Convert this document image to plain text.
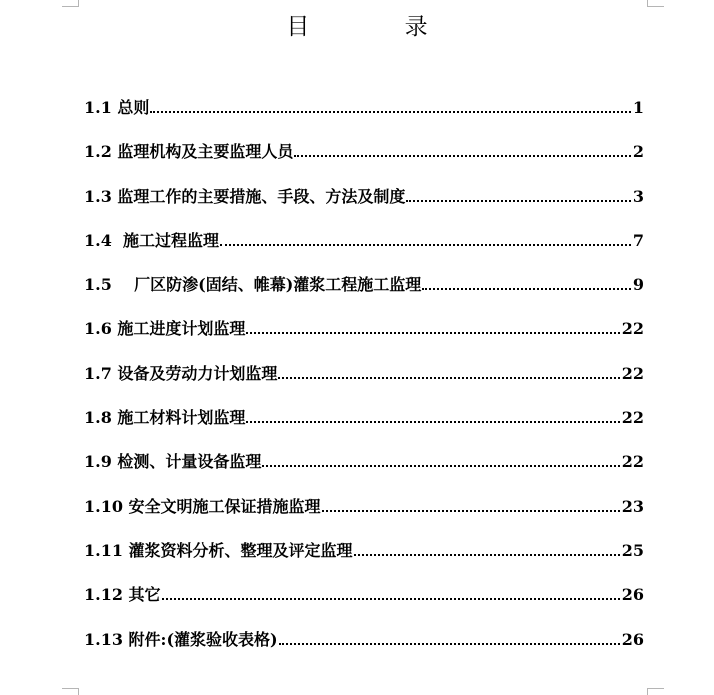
目 录
1.1 总则	1
1.2 监理机构及主要监理人员	2
1.3 监理工作的主要措施、手段、方法及制度	3
1.4  施工过程监理	7
1.5    厂区防渗(固结、帷幕)灌浆工程施工监理	9
1.6 施工进度计划监理	22
1.7 设备及劳动力计划监理	22
1.8 施工材料计划监理	22
1.9 检测、计量设备监理	22
1.10 安全文明施工保证措施监理	23
1.11 灌浆资料分析、整理及评定监理	25
1.12 其它	26
1.13 附件:(灌浆验收表格)	26
